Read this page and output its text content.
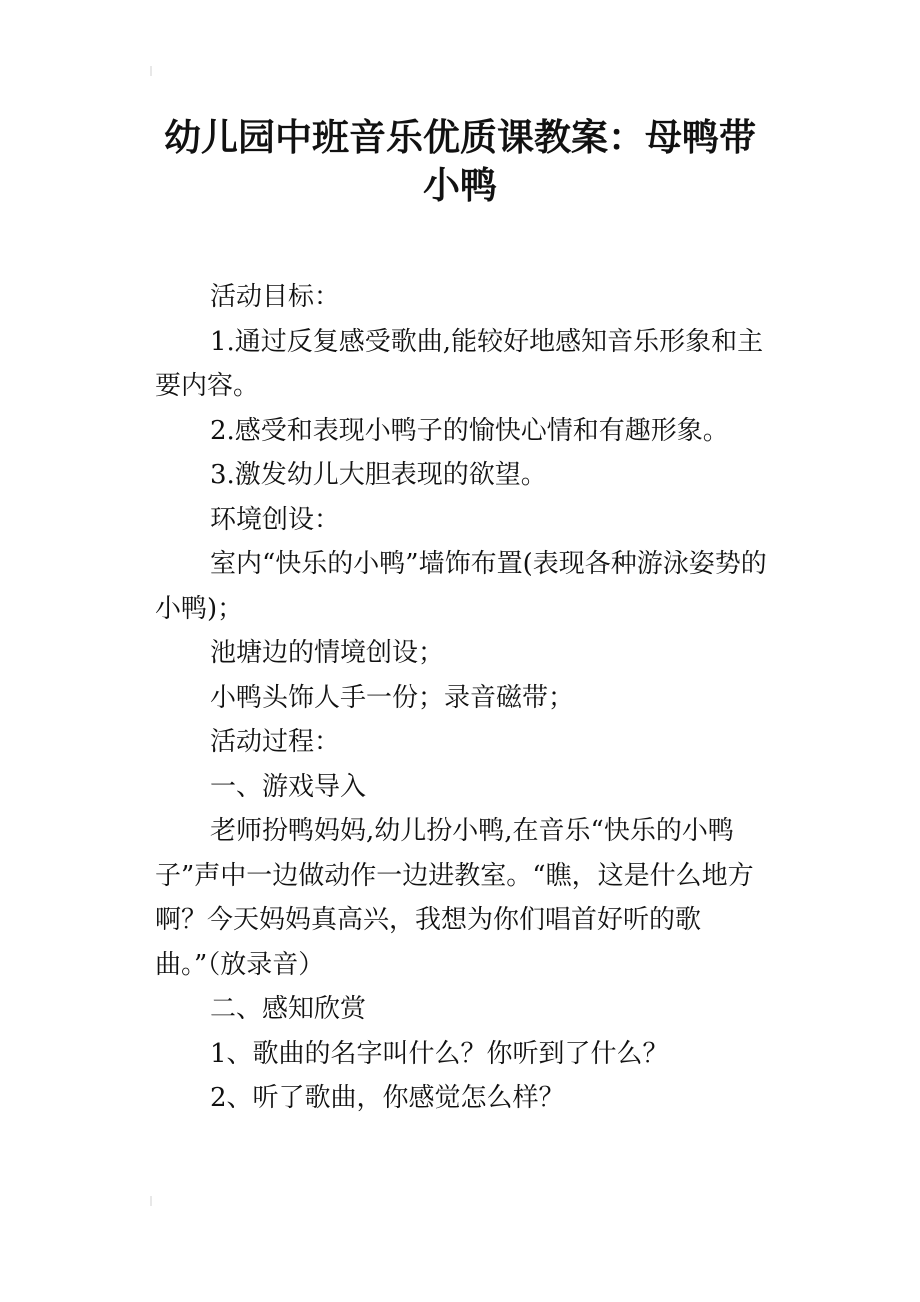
幼儿园中班音乐优质课教案：母鸭带小鸭

活动目标：

1.通过反复感受歌曲,能较好地感知音乐形象和主要内容。

2.感受和表现小鸭子的愉快心情和有趣形象。

3.激发幼儿大胆表现的欲望。

环境创设：

室内“快乐的小鸭”墙饰布置(表现各种游泳姿势的小鸭)；

池塘边的情境创设；

小鸭头饰人手一份；录音磁带；

活动过程：

一、游戏导入

老师扮鸭妈妈,幼儿扮小鸭,在音乐“快乐的小鸭子”声中一边做动作一边进教室。“瞧，这是什么地方啊？今天妈妈真高兴，我想为你们唱首好听的歌曲。”（放录音）

二、感知欣赏

1、歌曲的名字叫什么？你听到了什么？

2、听了歌曲，你感觉怎么样？
